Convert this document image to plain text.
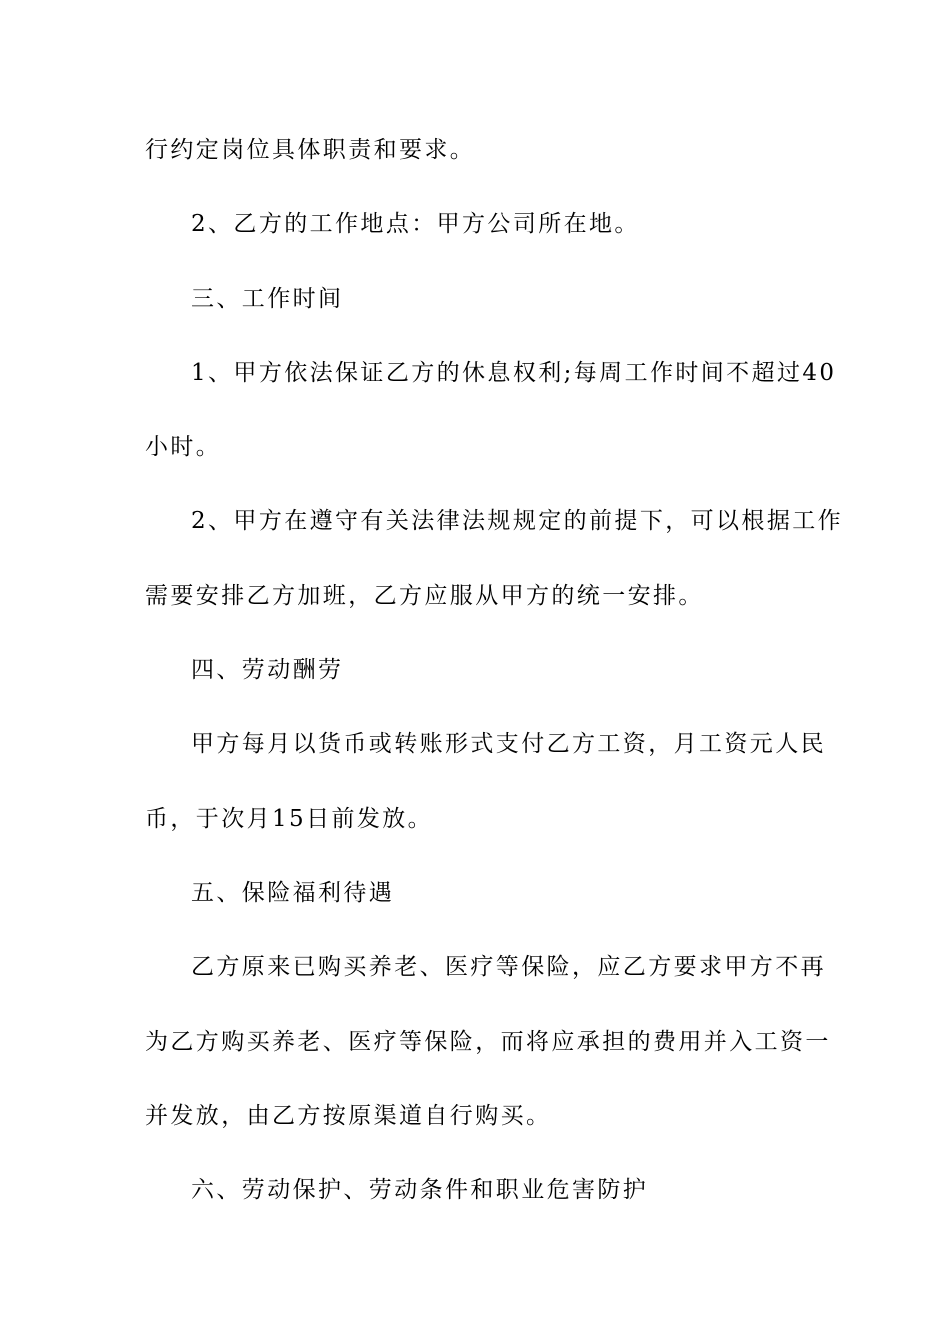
行约定岗位具体职责和要求。

2、乙方的工作地点：甲方公司所在地。

三、工作时间

1、甲方依法保证乙方的休息权利;每周工作时间不超过40

小时。

2、甲方在遵守有关法律法规规定的前提下，可以根据工作

需要安排乙方加班，乙方应服从甲方的统一安排。

四、劳动酬劳

甲方每月以货币或转账形式支付乙方工资，月工资元人民

币，于次月15日前发放。

五、保险福利待遇

乙方原来已购买养老、医疗等保险，应乙方要求甲方不再

为乙方购买养老、医疗等保险，而将应承担的费用并入工资一

并发放，由乙方按原渠道自行购买。

六、劳动保护、劳动条件和职业危害防护
